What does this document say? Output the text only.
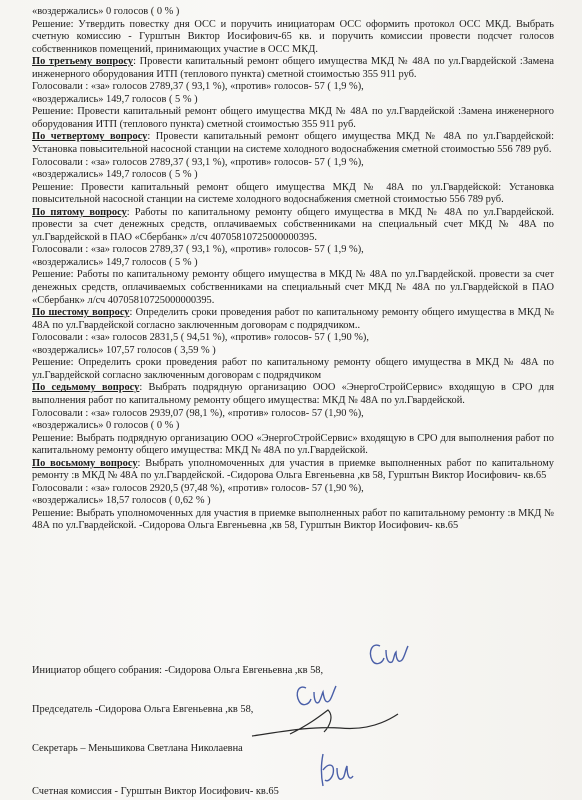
«воздержались» 0 голосов ( 0 % )

Решение: Утвердить повестку дня ОСС и поручить инициаторам ОСС оформить протокол ОСС МКД. Выбрать счетную комиссию - Гурштын Виктор Иосифович-65 кв. и поручить комиссии провести подсчет голосов собственников помещений, принимающих участие в ОСС МКД.

По третьему вопросу: Провести капитальный ремонт общего имущества МКД № 48А по ул.Гвардейской :Замена инженерного оборудования ИТП (теплового пункта) сметной стоимостью 355 911 руб.

Голосовали : «за» голосов 2789,37 ( 93,1 %), «против» голосов- 57 ( 1,9 %),

«воздержались» 149,7 голосов ( 5 % )

Решение: Провести капитальный ремонт общего имущества МКД № 48А по ул.Гвардейской :Замена инженерного оборудования ИТП (теплового пункта) сметной стоимостью 355 911 руб.

По четвертому вопросу: Провести капитальный ремонт общего имущества МКД № 48А по ул.Гвардейской: Установка повысительной насосной станции на системе холодного водоснабжения сметной стоимостью 556 789 руб.

Голосовали : «за» голосов 2789,37 ( 93,1 %), «против» голосов- 57 ( 1,9 %),

«воздержались» 149,7 голосов ( 5 % )

Решение: Провести капитальный ремонт общего имущества МКД № 48А по ул.Гвардейской: Установка повысительной насосной станции на системе холодного водоснабжения сметной стоимостью 556 789 руб.

По пятому вопросу: Работы по капитальному ремонту общего имущества в МКД № 48А по ул.Гвардейской. провести за счет денежных средств, оплачиваемых собственниками на специальный счет МКД № 48А по ул.Гвардейской в ПАО «Сбербанк» л/сч 40705810725000000395.

Голосовали : «за» голосов 2789,37 ( 93,1 %), «против» голосов- 57 ( 1,9 %),

«воздержались» 149,7 голосов ( 5 % )

Решение: Работы по капитальному ремонту общего имущества в МКД № 48А по ул.Гвардейской. провести за счет денежных средств, оплачиваемых собственниками на специальный счет МКД № 48А по ул.Гвардейской в ПАО «Сбербанк» л/сч 40705810725000000395.

По шестому вопросу: Определить сроки проведения работ по капитальному ремонту общего имущества в МКД № 48А по ул.Гвардейской согласно заключенным договорам с подрядчиком..

Голосовали : «за» голосов 2831,5 ( 94,51 %), «против» голосов- 57 ( 1,90 %),

«воздержались» 107,57 голосов ( 3,59 % )

Решение: Определить сроки проведения работ по капитальному ремонту общего имущества в МКД № 48А по ул.Гвардейской согласно заключенным договорам с подрядчиком

По седьмому вопросу: Выбрать подрядную организацию ООО «ЭнергоСтройСервис» входящую в СРО для выполнения работ по капитальному ремонту общего имущества: МКД № 48А по ул.Гвардейской.

Голосовали : «за» голосов 2939,07 (98,1 %), «против» голосов- 57 (1,90 %),

«воздержались» 0 голосов ( 0 % )

Решение: Выбрать подрядную организацию ООО «ЭнергоСтройСервис» входящую в СРО для выполнения работ по капитальному ремонту общего имущества: МКД № 48А по ул.Гвардейской.

По восьмому вопросу: Выбрать уполномоченных для участия в приемке выполненных работ по капитальному ремонту :в МКД № 48А по ул.Гвардейской. -Сидорова Ольга Евгеньевна ,кв 58, Гурштын Виктор Иосифович- кв.65

Голосовали : «за» голосов 2920,5 (97,48 %), «против» голосов- 57 (1,90 %),

«воздержались» 18,57 голосов ( 0,62 % )

Решение: Выбрать уполномоченных для участия в приемке выполненных работ по капитальному ремонту :в МКД № 48А по ул.Гвардейской. -Сидорова Ольга Евгеньевна ,кв 58, Гурштын Виктор Иосифович- кв.65

Инициатор общего собрания: -Сидорова Ольга Евгеньевна ,кв 58,

Председатель -Сидорова Ольга Евгеньевна ,кв 58,

Секретарь – Меньшикова Светлана Николаевна

Счетная комиссия - Гурштын Виктор Иосифович- кв.65
